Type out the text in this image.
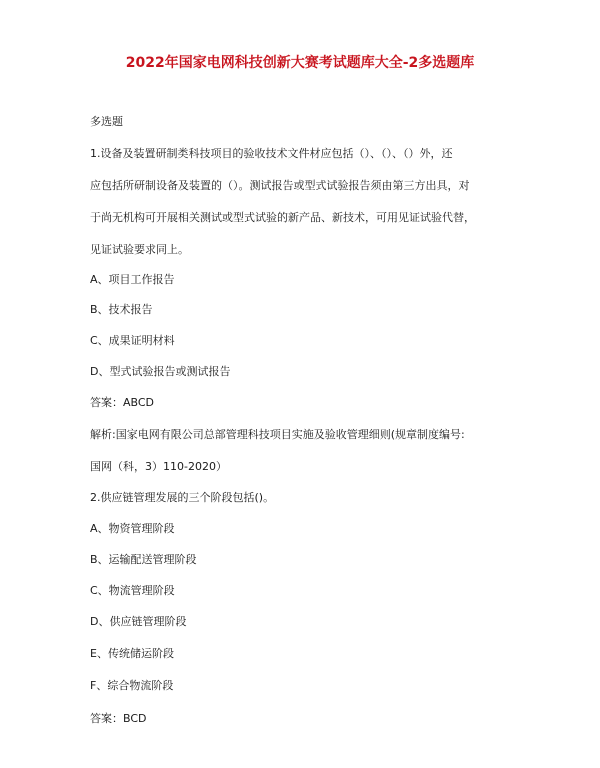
2022年国家电网科技创新大赛考试题库大全-2多选题库
多选题
1.设备及装置研制类科技项目的验收技术文件材应包括（）、（）、（）外，还
应包括所研制设备及装置的（）。测试报告或型式试验报告须由第三方出具，对
于尚无机构可开展相关测试或型式试验的新产品、新技术，可用见证试验代替，
见证试验要求同上。
A、项目工作报告
B、技术报告
C、成果证明材料
D、型式试验报告或测试报告
答案：ABCD
解析:国家电网有限公司总部管理科技项目实施及验收管理细则(规章制度编号:
国网（科，3）110-2020）
2.供应链管理发展的三个阶段包括()。
A、物资管理阶段
B、运输配送管理阶段
C、物流管理阶段
D、供应链管理阶段
E、传统储运阶段
F、综合物流阶段
答案：BCD
